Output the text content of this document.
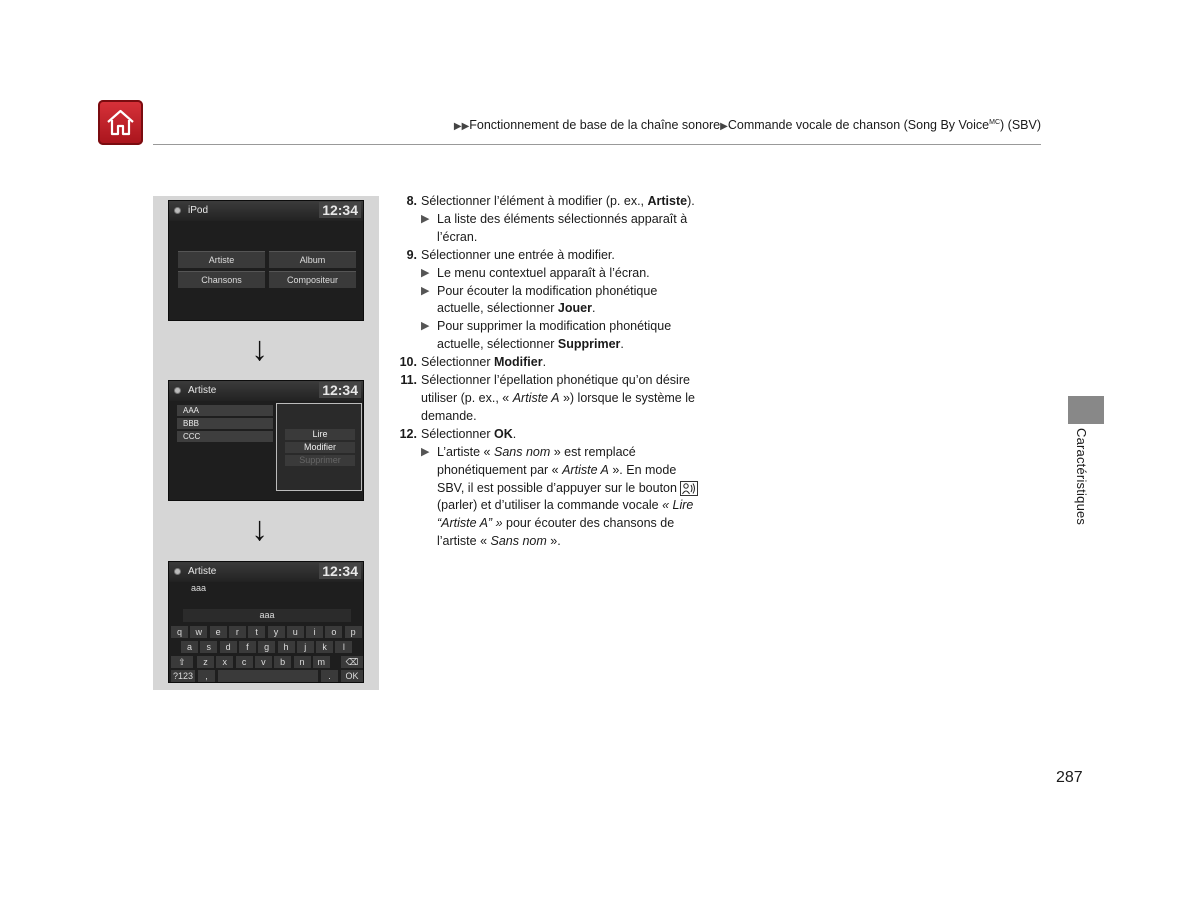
▶▶Fonctionnement de base de la chaîne sonore▶Commande vocale de chanson (Song By Voice$^{MC}$) (SBV)
iPod	12:34
Artiste	Album
Chansons	Compositeur
↓
Artiste	12:34
AAA
BBB
CCC	Lire
Modifier
Supprimer
↓
Artiste	12:34
aaa
aaa
q	w	e	r	t	y	u	i	o	p
a	s	d	f	g	h	j	k	l
⇧	z	x	c	v	b	n	m	⌫
?123	,	.	OK
8. Sélectionner l’élément à modifier (p. ex., Artiste).
▶ La liste des éléments sélectionnés apparaît à l’écran.
9. Sélectionner une entrée à modifier.
▶ Le menu contextuel apparaît à l’écran.
▶ Pour écouter la modification phonétique actuelle, sélectionner Jouer.
▶ Pour supprimer la modification phonétique actuelle, sélectionner Supprimer.
10. Sélectionner Modifier.
11. Sélectionner l’épellation phonétique qu’on désire utiliser (p. ex., « Artiste A ») lorsque le système le demande.
12. Sélectionner OK.
▶ L’artiste « Sans nom » est remplacé phonétiquement par « Artiste A ». En mode SBV, il est possible d’appuyer sur le bouton  (parler) et d’utiliser la commande vocale « Lire “Artiste A” » pour écouter des chansons de l’artiste « Sans nom ».
Caractéristiques
287
